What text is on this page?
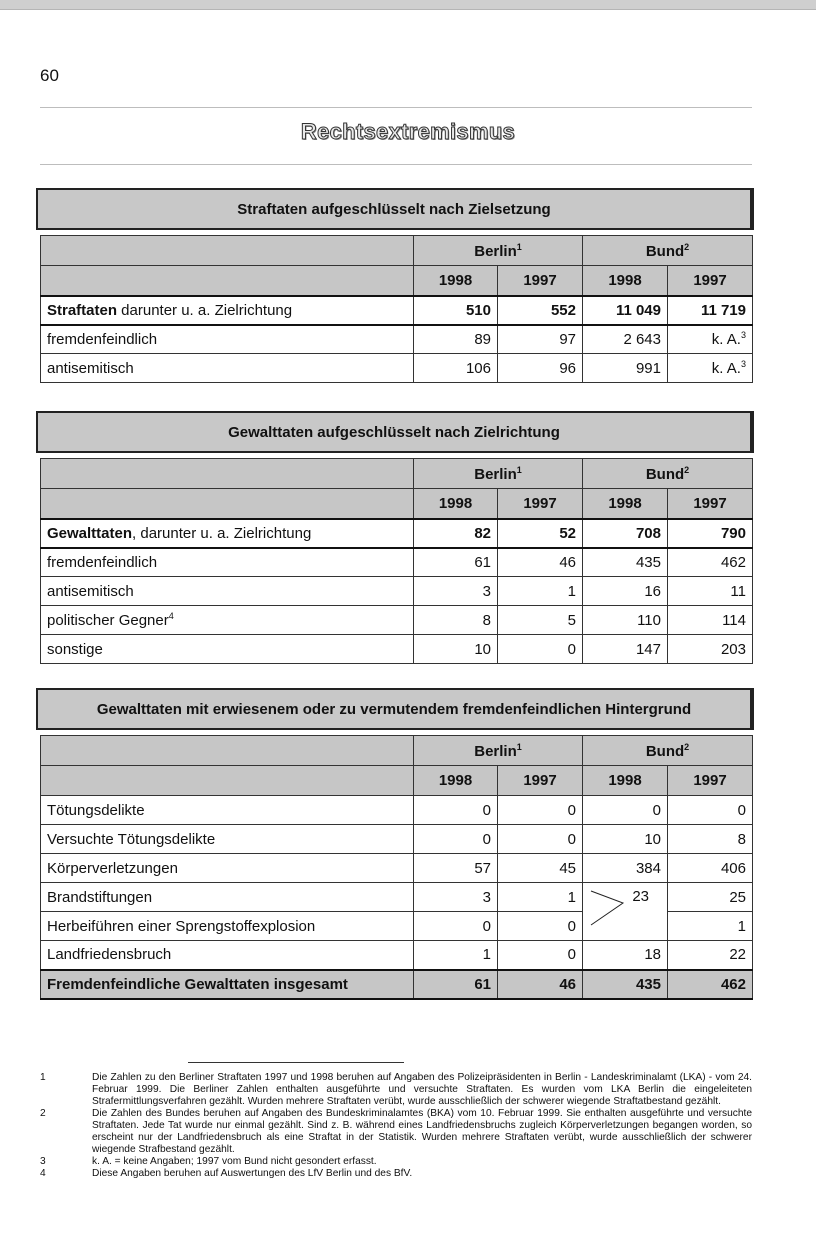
60
Rechtsextremismus
Straftaten aufgeschlüsselt nach Zielsetzung
	Berlin$^1$		Bund$^2$
	1998	1997	1998	1997
Straftaten darunter u. a. Zielrichtung	510	552	11 049	11 719
fremdenfeindlich	89	97	2 643	k. A.$^3$
antisemitisch	106	96	991	k. A.$^3$
Gewalttaten aufgeschlüsselt nach Zielrichtung
	Berlin$^1$		Bund$^2$
	1998	1997	1998	1997
Gewalttaten, darunter u. a. Zielrichtung	82	52	708	790
fremdenfeindlich	61	46	435	462
antisemitisch	3	1	16	11
politischer Gegner$^4$	8	5	110	114
sonstige	10	0	147	203
Gewalttaten mit erwiesenem oder zu vermutendem fremdenfeindlichen Hintergrund
	Berlin$^1$		Bund$^2$
	1998	1997	1998	1997
Tötungsdelikte	0	0	0	0
Versuchte Tötungsdelikte	0	0	10	8
Körperverletzungen	57	45	384	406
Brandstiftungen	3	1	23	25
Herbeiführen einer Sprengstoffexplosion	0	0		1
Landfriedensbruch	1	0	18	22
Fremdenfeindliche Gewalttaten insgesamt	61	46	435	462
1	Die Zahlen zu den Berliner Straftaten 1997 und 1998 beruhen auf Angaben des Polizeipräsidenten in Berlin - Landeskriminalamt (LKA) - vom 24. Februar 1999. Die Berliner Zahlen enthalten ausgeführte und versuchte Straftaten. Es wurden vom LKA Berlin die eingeleiteten Strafermittlungsverfahren gezählt. Wurden mehrere Straftaten verübt, wurde ausschließlich der schwerer wiegende Straftatbestand gezählt.
2	Die Zahlen des Bundes beruhen auf Angaben des Bundeskriminalamtes (BKA) vom 10. Februar 1999. Sie enthalten ausgeführte und versuchte Straftaten. Jede Tat wurde nur einmal gezählt. Sind z. B. während eines Landfriedensbruchs zugleich Körperverletzungen begangen worden, so erscheint nur der Landfriedensbruch als eine Straftat in der Statistik. Wurden mehrere Straftaten verübt, wurde ausschließlich der schwerer wiegende Strafbestand gezählt.
3	k. A. = keine Angaben; 1997 vom Bund nicht gesondert erfasst.
4	Diese Angaben beruhen auf Auswertungen des LfV Berlin und des BfV.
